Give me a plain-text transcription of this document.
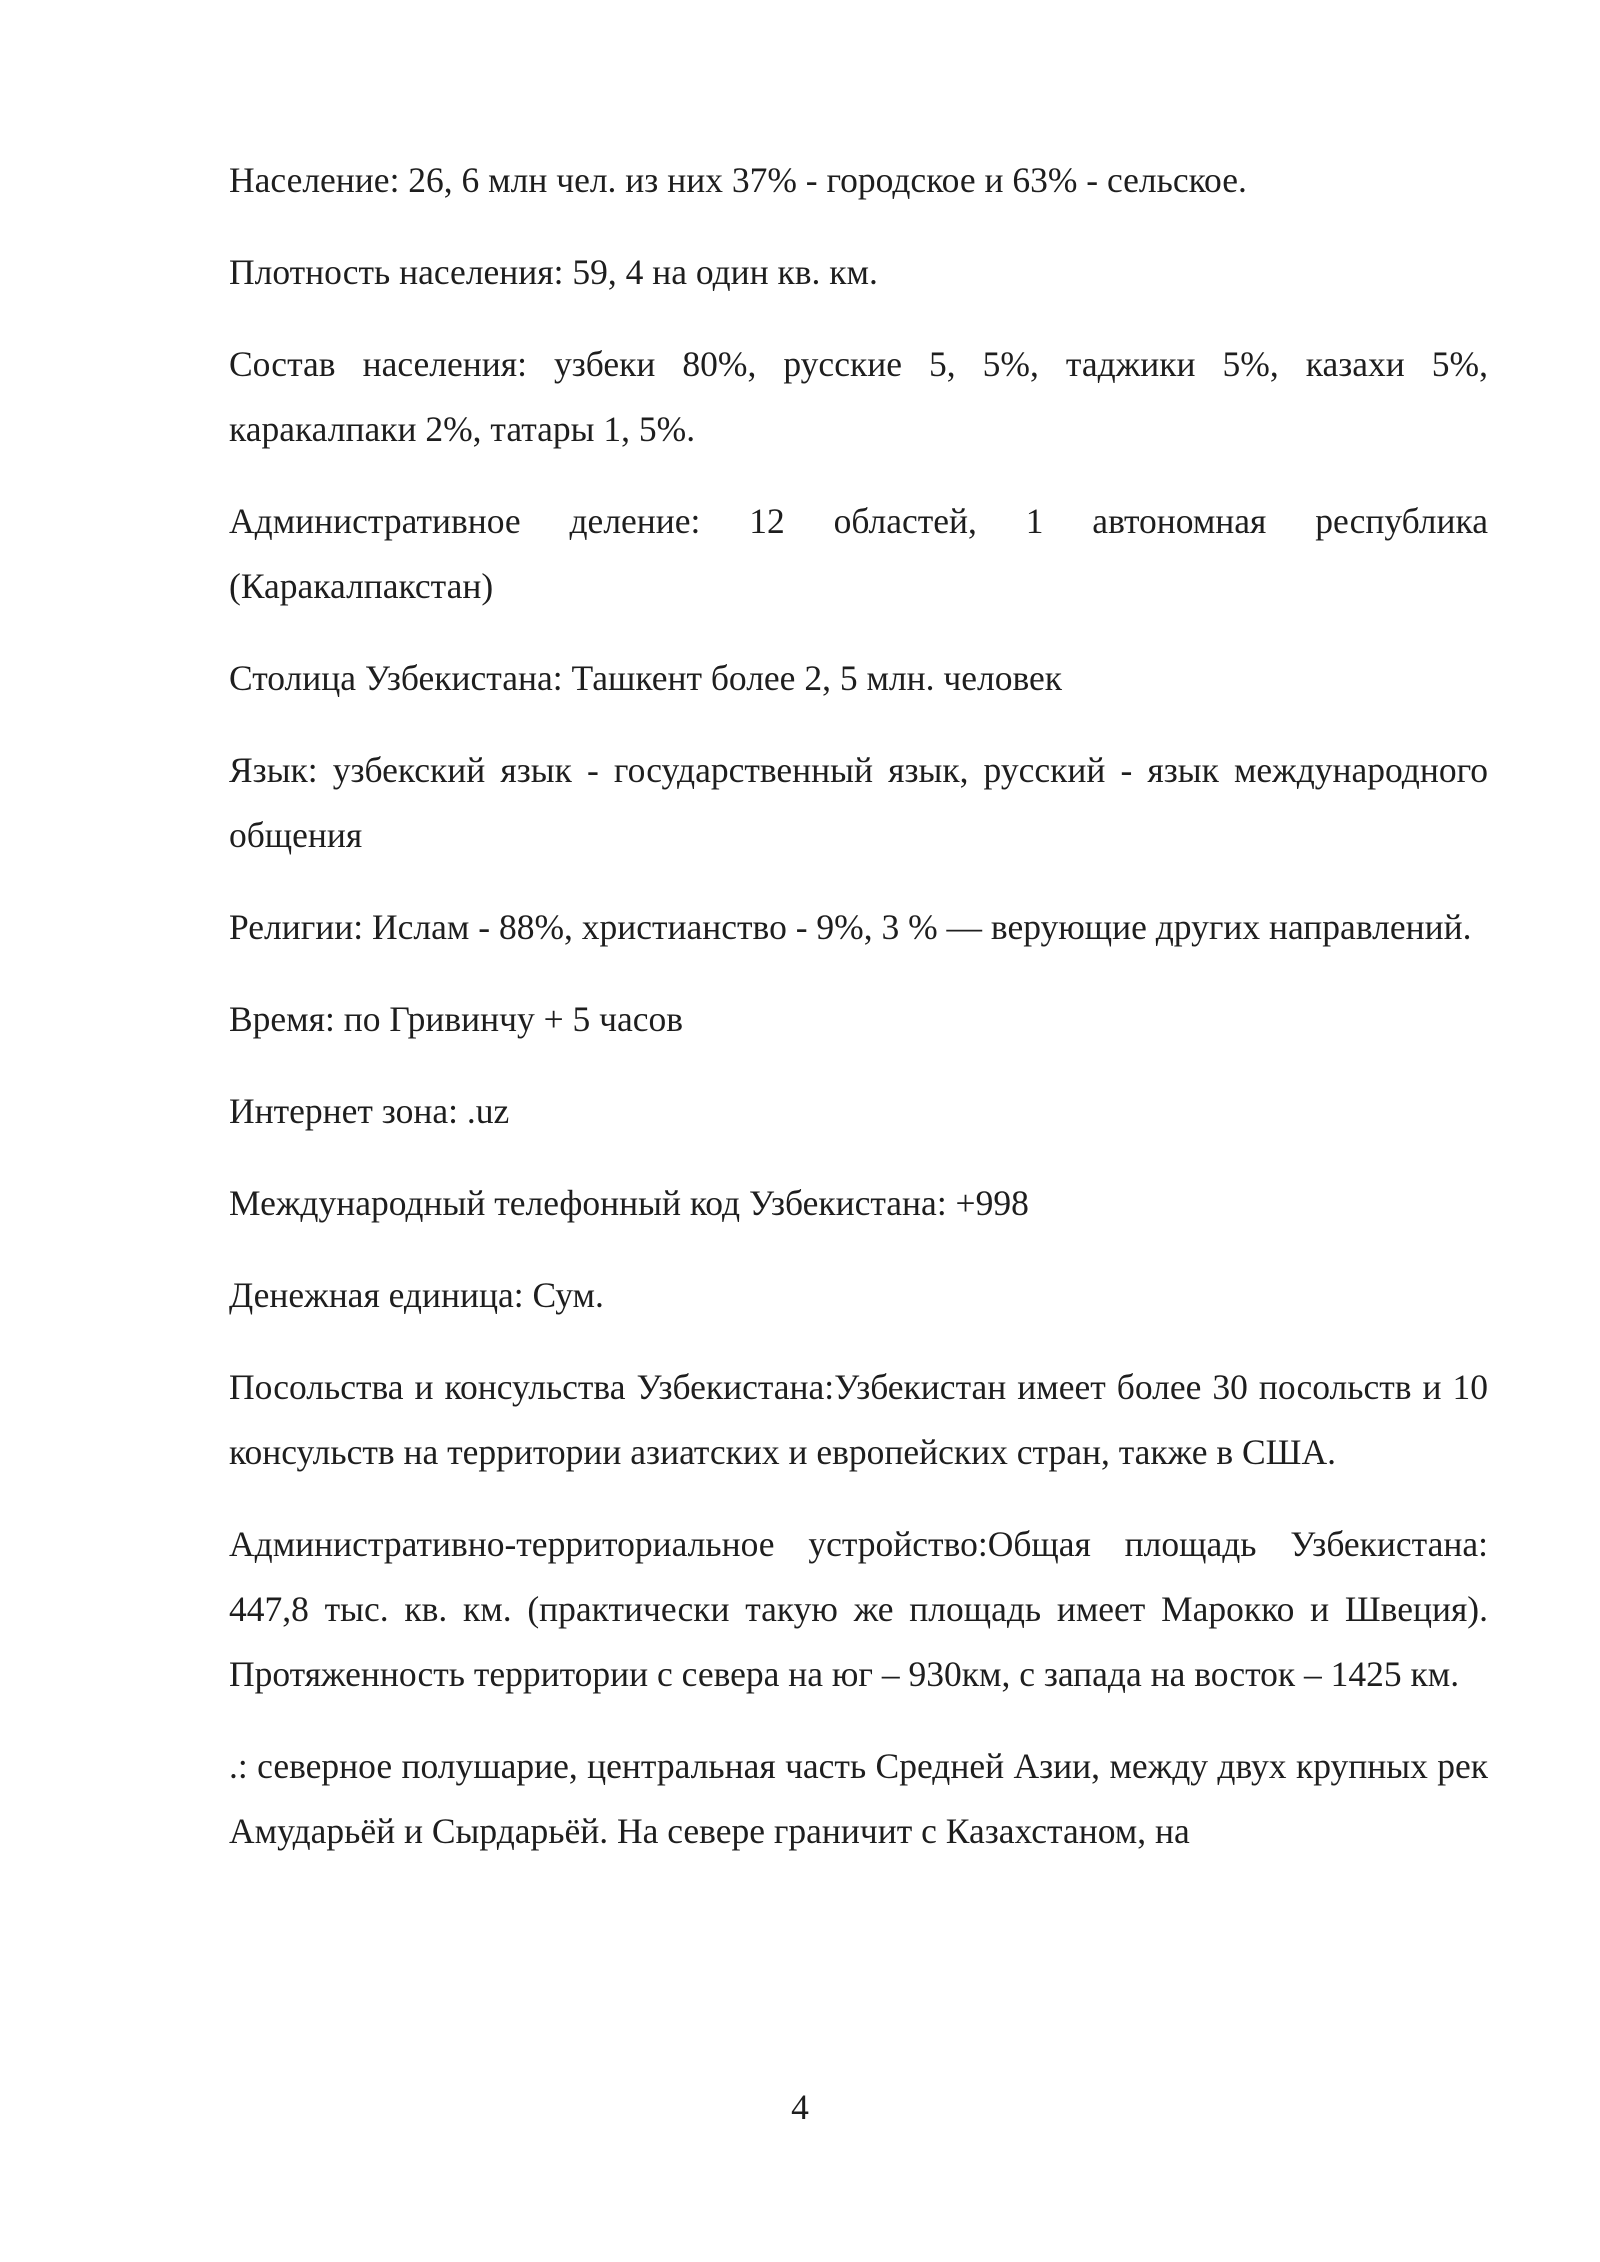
Население: 26, 6 млн чел. из них 37% - городское и 63% - сельское.

Плотность населения: 59, 4 на один кв. км.

Состав населения: узбеки 80%, русские 5, 5%, таджики 5%, казахи 5%, каракалпаки 2%, татары 1, 5%.

Административное деление: 12 областей, 1 автономная республика (Каракалпакстан)

Столица Узбекистана: Ташкент более 2, 5 млн. человек

Язык: узбекский язык - государственный язык, русский - язык международного общения

Религии: Ислам - 88%, христианство - 9%, 3 % — верующие других направлений.

Время: по Гривинчу + 5 часов

Интернет зона: .uz

Международный телефонный код Узбекистана: +998

Денежная единица: Сум.

Посольства и консульства Узбекистана:Узбекистан имеет более 30 посольств и 10 консульств на территории азиатских и европейских стран, также в США.

Административно-территориальное устройство:Общая площадь Узбекистана: 447,8 тыс. кв. км. (практически такую же площадь имеет Марокко и Швеция). Протяженность территории с севера на юг – 930км, с запада на восток – 1425 км.

.: северное полушарие, центральная часть Средней Азии, между двух крупных рек Амударьёй и Сырдарьёй. На севере граничит с Казахстаном, на

4
